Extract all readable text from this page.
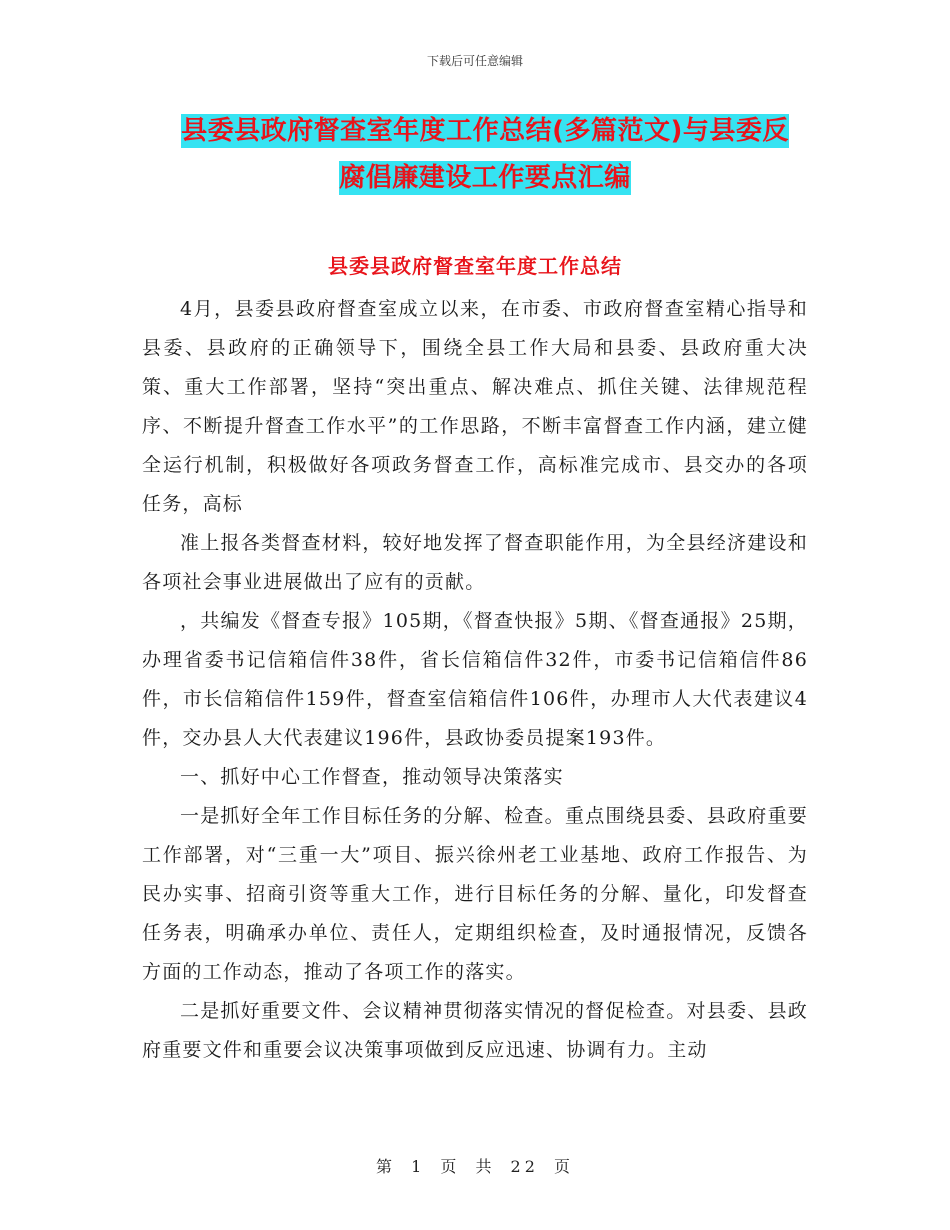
下载后可任意编辑
县委县政府督查室年度工作总结(多篇范文)与县委反
腐倡廉建设工作要点汇编
县委县政府督查室年度工作总结

4月，县委县政府督查室成立以来，在市委、市政府督查室精心指导和县委、县政府的正确领导下，围绕全县工作大局和县委、县政府重大决策、重大工作部署，坚持“突出重点、解决难点、抓住关键、法律规范程序、不断提升督查工作水平”的工作思路，不断丰富督查工作内涵，建立健全运行机制，积极做好各项政务督查工作，高标准完成市、县交办的各项任务，高标

准上报各类督查材料，较好地发挥了督查职能作用，为全县经济建设和各项社会事业进展做出了应有的贡献。

，共编发《督查专报》105期，《督查快报》5期、《督查通报》25期，办理省委书记信箱信件38件，省长信箱信件32件，市委书记信箱信件86件，市长信箱信件159件，督查室信箱信件106件，办理市人大代表建议4件，交办县人大代表建议196件，县政协委员提案193件。

一、抓好中心工作督查，推动领导决策落实

一是抓好全年工作目标任务的分解、检查。重点围绕县委、县政府重要工作部署，对“三重一大”项目、振兴徐州老工业基地、政府工作报告、为民办实事、招商引资等重大工作，进行目标任务的分解、量化，印发督查任务表，明确承办单位、责任人，定期组织检查，及时通报情况，反馈各方面的工作动态，推动了各项工作的落实。

二是抓好重要文件、会议精神贯彻落实情况的督促检查。对县委、县政府重要文件和重要会议决策事项做到反应迅速、协调有力。主动

第 1 页 共 22 页
